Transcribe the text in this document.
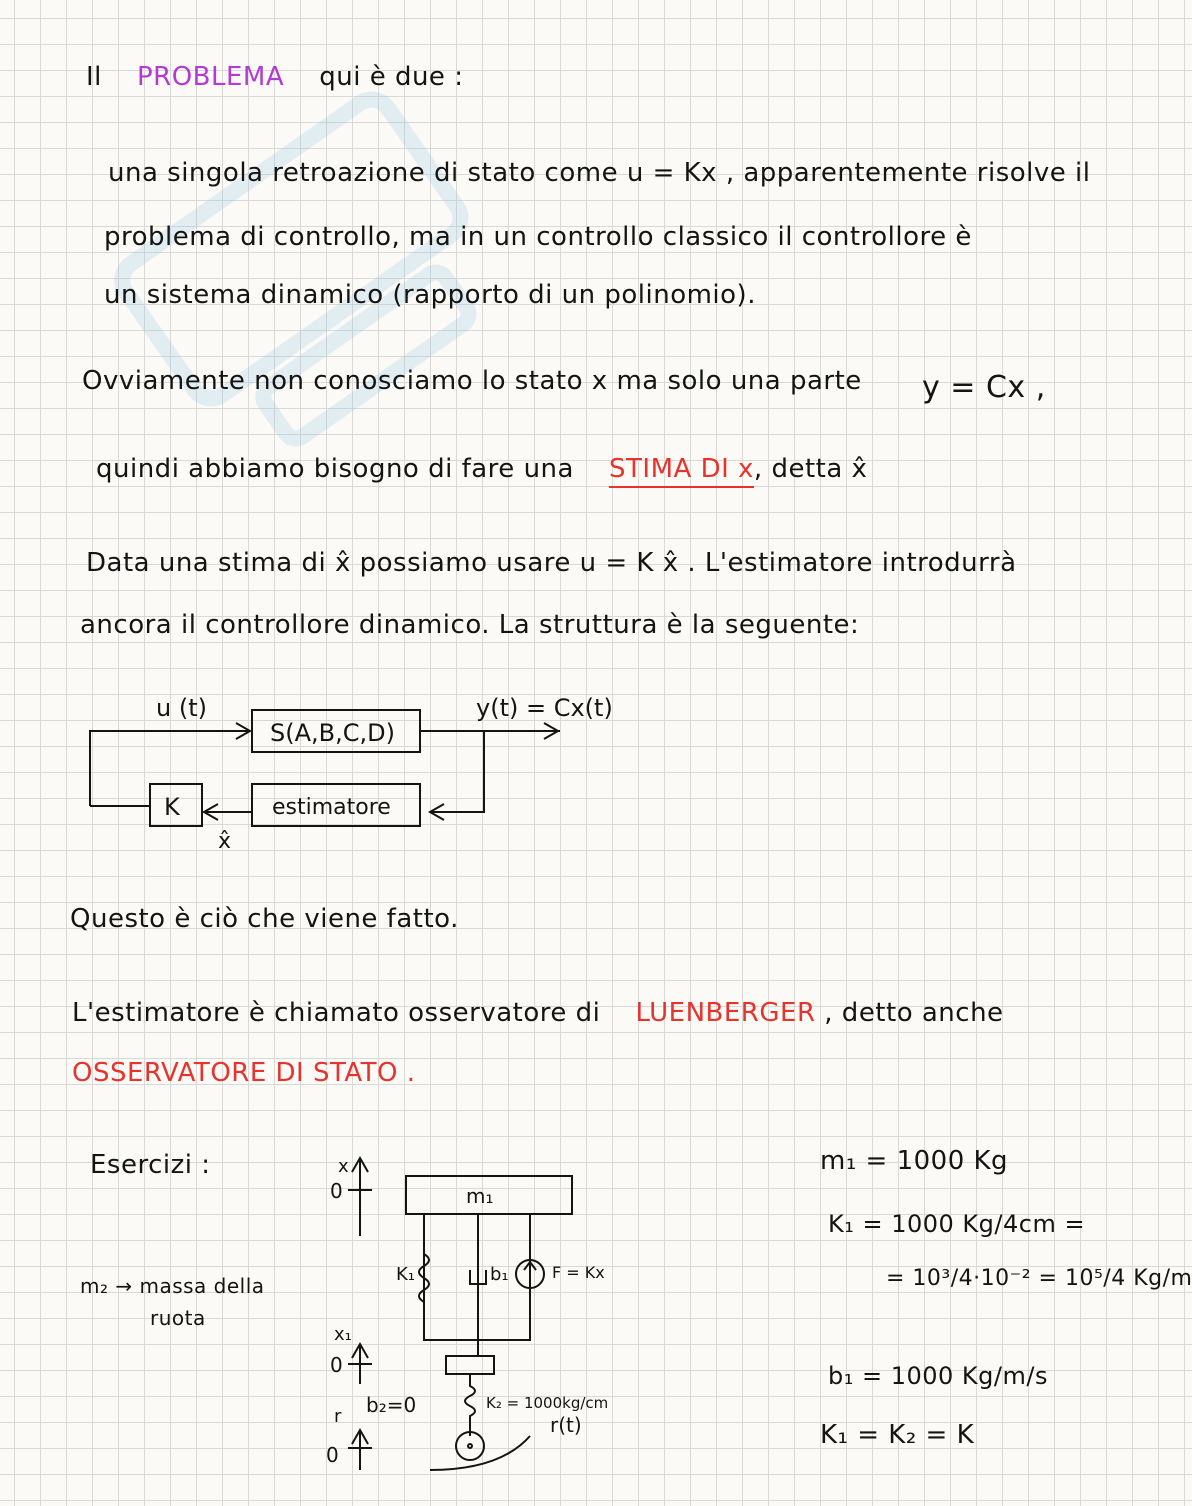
Il PROBLEMA qui è due :
una singola retroazione di stato come u = Kx , apparentemente risolve il
problema di controllo, ma in un controllo classico il controllore è
un sistema dinamico (rapporto di un polinomio).
Ovviamente non conosciamo lo stato x ma solo una parte y = Cx ,
quindi abbiamo bisogno di fare una STIMA DI x, detta x̂
Data una stima di x̂ possiamo usare u = K x̂ . L'estimatore introdurrà
ancora il controllore dinamico. La struttura è la seguente:
u (t)
S(A,B,C,D)
y(t) = Cx(t)
K	estimatore
x̂
Questo è ciò che viene fatto.
L'estimatore è chiamato osservatore di LUENBERGER , detto anche
OSSERVATORE DI STATO .
Esercizi :
m₂ → massa della
ruota
x
0	m₁
K₁	b₁	F = Kx
x₁
0
b₂=0	K₂ = 1000kg/cm
r
0
r(t)
m₁ = 1000 Kg
K₁ = 1000 Kg/4cm =
= 10³/4·10⁻² = 10⁵/4 Kg/m
b₁ = 1000 Kg/m/s
K₁ = K₂ = K
